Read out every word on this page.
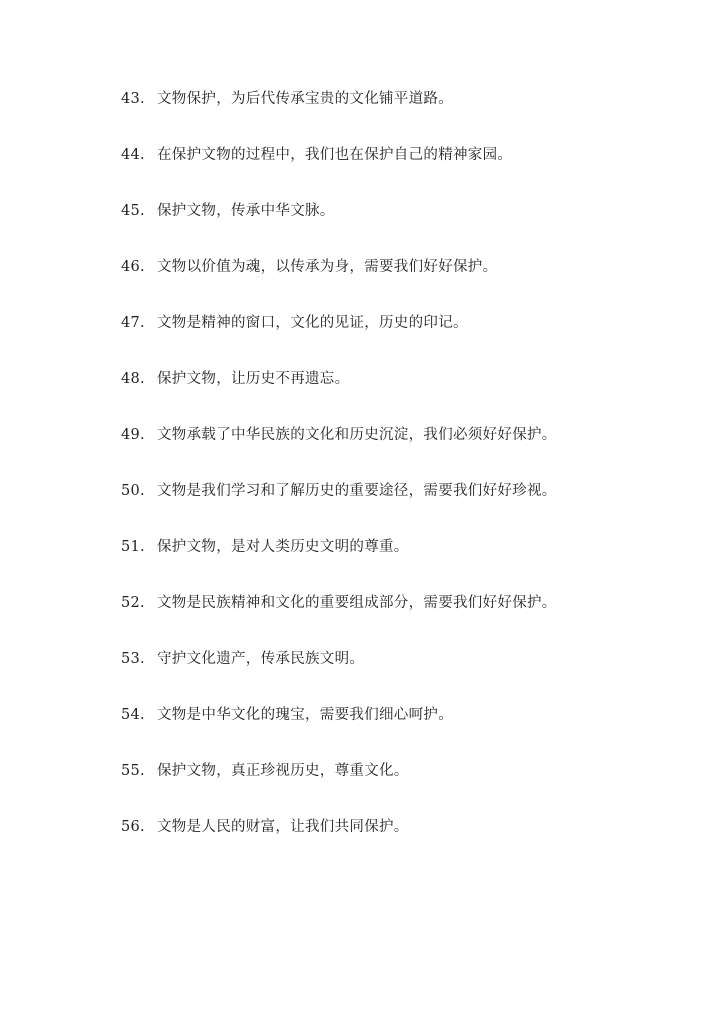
43. 文物保护，为后代传承宝贵的文化铺平道路。
44. 在保护文物的过程中，我们也在保护自己的精神家园。
45. 保护文物，传承中华文脉。
46. 文物以价值为魂，以传承为身，需要我们好好保护。
47. 文物是精神的窗口，文化的见证，历史的印记。
48. 保护文物，让历史不再遗忘。
49. 文物承载了中华民族的文化和历史沉淀，我们必须好好保护。
50. 文物是我们学习和了解历史的重要途径，需要我们好好珍视。
51. 保护文物，是对人类历史文明的尊重。
52. 文物是民族精神和文化的重要组成部分，需要我们好好保护。
53. 守护文化遗产，传承民族文明。
54. 文物是中华文化的瑰宝，需要我们细心呵护。
55. 保护文物，真正珍视历史，尊重文化。
56. 文物是人民的财富，让我们共同保护。
